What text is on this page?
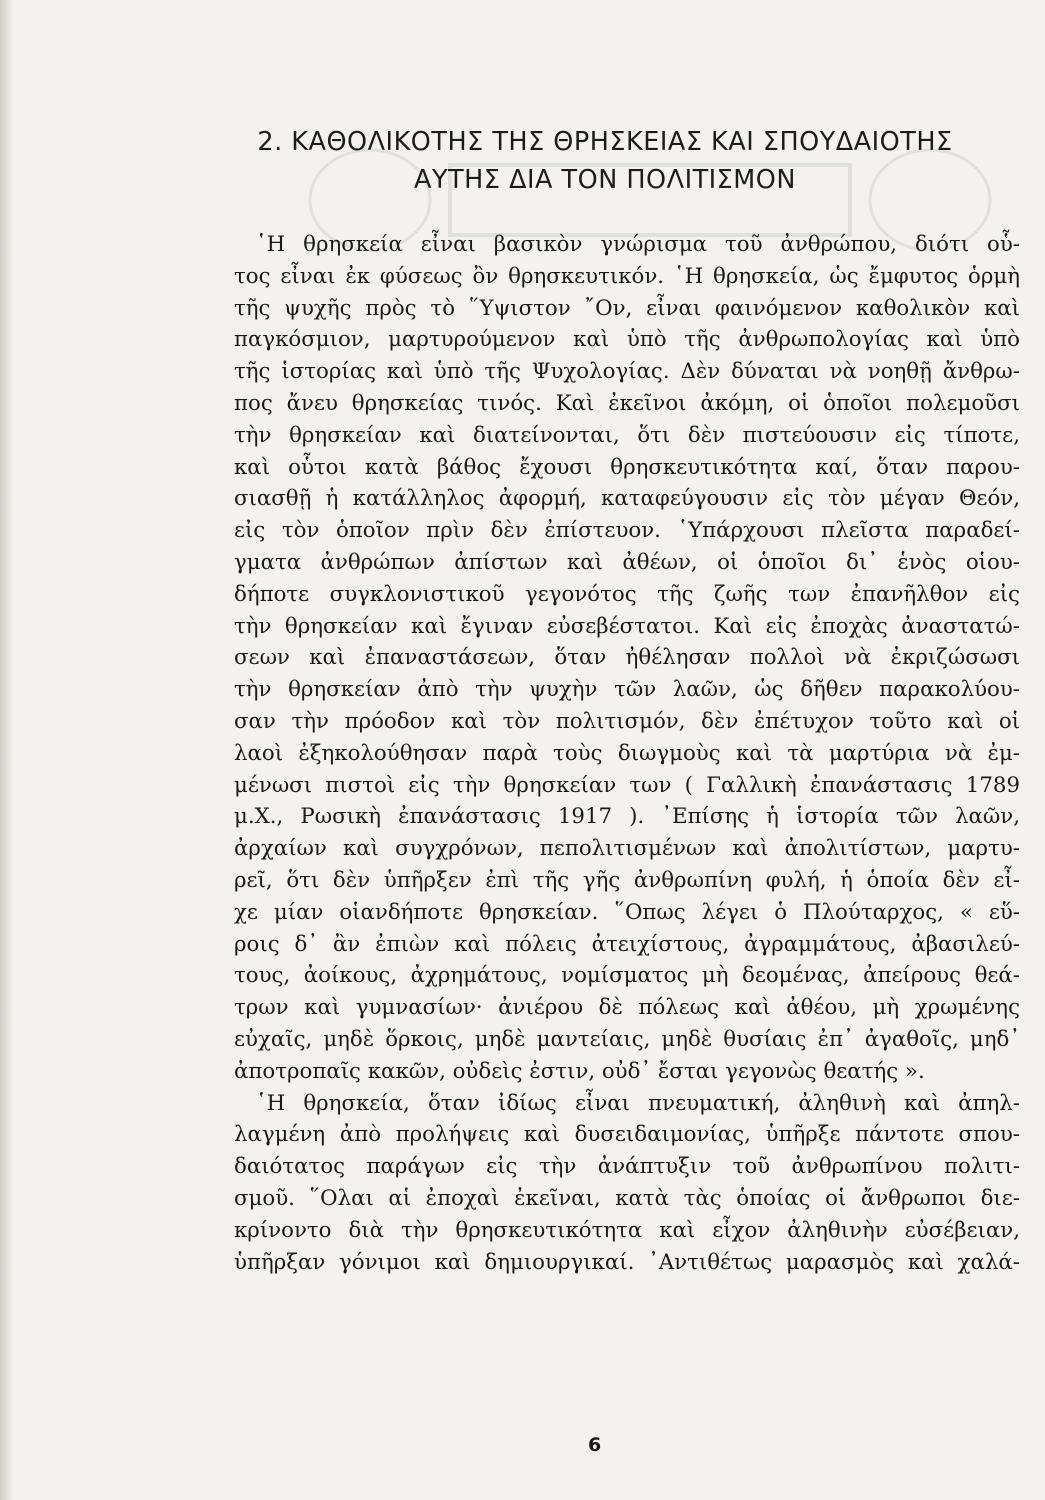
2. ΚΑΘΟΛΙΚΟΤΗΣ ΤΗΣ ΘΡΗΣΚΕΙΑΣ ΚΑΙ ΣΠΟΥΔΑΙΟΤΗΣ
ΑΥΤΗΣ ΔΙΑ ΤΟΝ ΠΟΛΙΤΙΣΜΟΝ
῾Η θρησκεία εἶναι βασικὸν γνώρισμα τοῦ ἀνθρώπου, διότι οὗ-
τος εἶναι ἐκ φύσεως ὂν θρησκευτικόν. ῾Η θρησκεία, ὡς ἔμφυτος ὁρμὴ
τῆς ψυχῆς πρὸς τὸ ῞Υψιστον ῎Ον, εἶναι φαινόμενον καθολικὸν καὶ
παγκόσμιον, μαρτυρούμενον καὶ ὑπὸ τῆς ἀνθρωπολογίας καὶ ὑπὸ
τῆς ἱστορίας καὶ ὑπὸ τῆς Ψυχολογίας. Δὲν δύναται νὰ νοηθῇ ἄνθρω-
πος ἄνευ θρησκείας τινός. Καὶ ἐκεῖνοι ἀκόμη, οἱ ὁποῖοι πολεμοῦσι
τὴν θρησκείαν καὶ διατείνονται, ὅτι δὲν πιστεύουσιν εἰς τίποτε,
καὶ οὗτοι κατὰ βάθος ἔχουσι θρησκευτικότητα καί, ὅταν παρου-
σιασθῇ ἡ κατάλληλος ἀφορμή, καταφεύγουσιν εἰς τὸν μέγαν Θεόν,
εἰς τὸν ὁποῖον πρὶν δὲν ἐπίστευον. ῾Υπάρχουσι πλεῖστα παραδεί-
γματα ἀνθρώπων ἀπίστων καὶ ἀθέων, οἱ ὁποῖοι δι᾽ ἑνὸς οἱου-
δήποτε συγκλονιστικοῦ γεγονότος τῆς ζωῆς των ἐπανῆλθον εἰς
τὴν θρησκείαν καὶ ἔγιναν εὐσεβέστατοι. Καὶ εἰς ἐποχὰς ἀναστατώ-
σεων καὶ ἐπαναστάσεων, ὅταν ἠθέλησαν πολλοὶ νὰ ἐκριζώσωσι
τὴν θρησκείαν ἀπὸ τὴν ψυχὴν τῶν λαῶν, ὡς δῆθεν παρακολύου-
σαν τὴν πρόοδον καὶ τὸν πολιτισμόν, δὲν ἐπέτυχον τοῦτο καὶ οἱ
λαοὶ ἐξηκολούθησαν παρὰ τοὺς διωγμοὺς καὶ τὰ μαρτύρια νὰ ἐμ-
μένωσι πιστοὶ εἰς τὴν θρησκείαν των ( Γαλλικὴ ἐπανάστασις 1789
μ.Χ., Ρωσικὴ ἐπανάστασις 1917 ). ᾿Επίσης ἡ ἱστορία τῶν λαῶν,
ἀρχαίων καὶ συγχρόνων, πεπολιτισμένων καὶ ἀπολιτίστων, μαρτυ-
ρεῖ, ὅτι δὲν ὑπῆρξεν ἐπὶ τῆς γῆς ἀνθρωπίνη φυλή, ἡ ὁποία δὲν εἶ-
χε μίαν οἱανδήποτε θρησκείαν. ῞Οπως λέγει ὁ Πλούταρχος, « εὕ-
ροις δ᾽ ἂν ἐπιὼν καὶ πόλεις ἀτειχίστους, ἀγραμμάτους, ἀβασιλεύ-
τους, ἀοίκους, ἀχρημάτους, νομίσματος μὴ δεομένας, ἀπείρους θεά-
τρων καὶ γυμνασίων· ἀνιέρου δὲ πόλεως καὶ ἀθέου, μὴ χρωμένης
εὐχαῖς, μηδὲ ὅρκοις, μηδὲ μαντείαις, μηδὲ θυσίαις ἐπ᾽ ἀγαθοῖς, μηδ᾽
ἀποτροπαῖς κακῶν, οὐδεὶς ἐστιν, οὐδ᾽ ἔσται γεγονὼς θεατής ».
῾Η θρησκεία, ὅταν ἰδίως εἶναι πνευματική, ἀληθινὴ καὶ ἀπηλ-
λαγμένη ἀπὸ προλήψεις καὶ δυσειδαιμονίας, ὑπῆρξε πάντοτε σπου-
δαιότατος παράγων εἰς τὴν ἀνάπτυξιν τοῦ ἀνθρωπίνου πολιτι-
σμοῦ. ῞Ολαι αἱ ἐποχαὶ ἐκεῖναι, κατὰ τὰς ὁποίας οἱ ἄνθρωποι διε-
κρίνοντο διὰ τὴν θρησκευτικότητα καὶ εἶχον ἀληθινὴν εὐσέβειαν,
ὑπῆρξαν γόνιμοι καὶ δημιουργικαί. ᾿Αντιθέτως μαρασμὸς καὶ χαλά-
6
